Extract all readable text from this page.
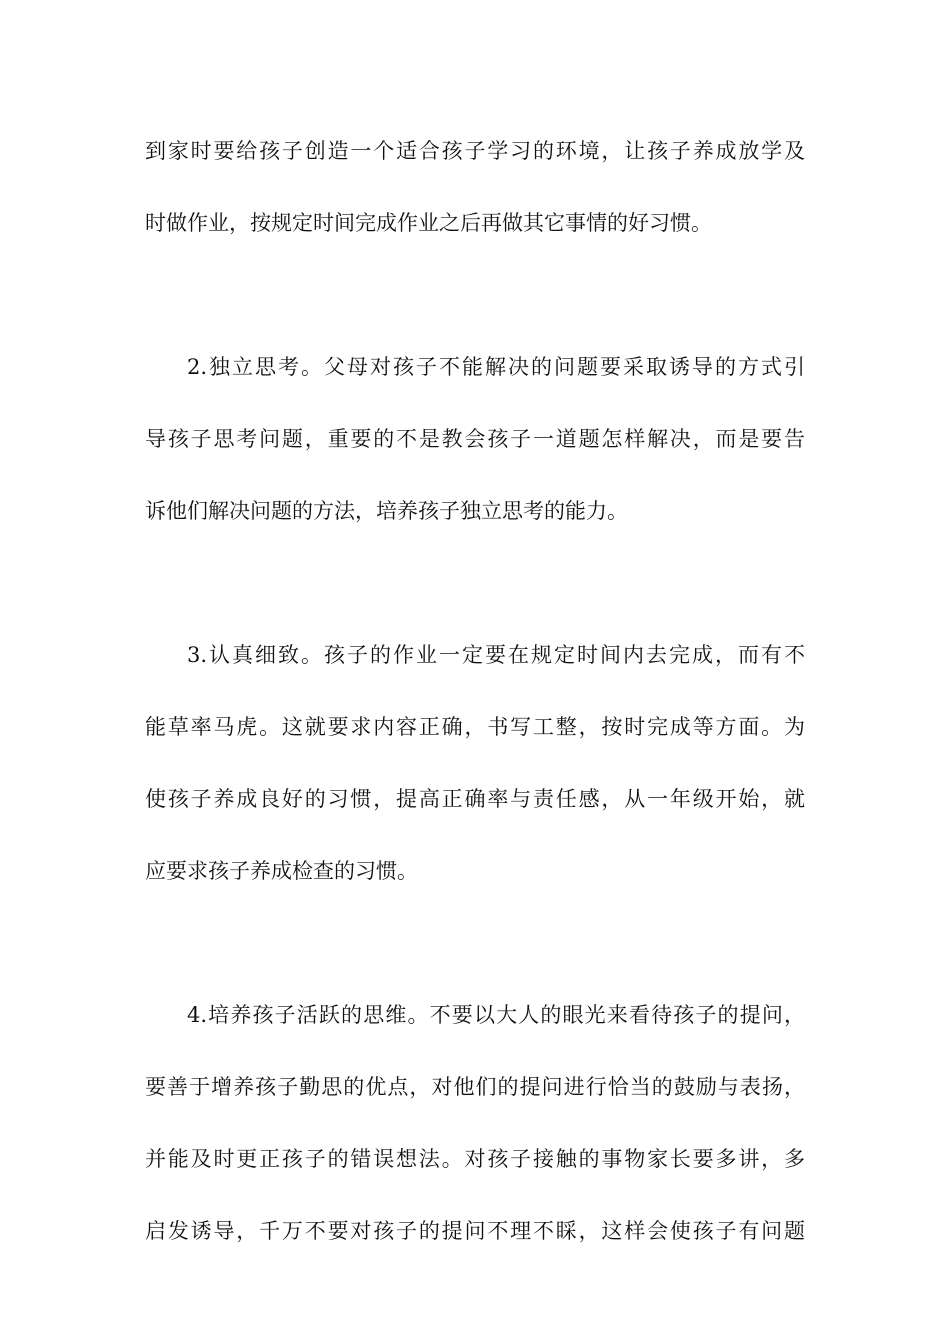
到家时要给孩子创造一个适合孩子学习的环境，让孩子养成放学及
时做作业，按规定时间完成作业之后再做其它事情的好习惯。
2.独立思考。父母对孩子不能解决的问题要采取诱导的方式引
导孩子思考问题，重要的不是教会孩子一道题怎样解决，而是要告
诉他们解决问题的方法，培养孩子独立思考的能力。
3.认真细致。孩子的作业一定要在规定时间内去完成，而有不
能草率马虎。这就要求内容正确，书写工整，按时完成等方面。为
使孩子养成良好的习惯，提高正确率与责任感，从一年级开始，就
应要求孩子养成检查的习惯。
4.培养孩子活跃的思维。不要以大人的眼光来看待孩子的提问，
要善于增养孩子勤思的优点，对他们的提问进行恰当的鼓励与表扬，
并能及时更正孩子的错误想法。对孩子接触的事物家长要多讲，多
启发诱导，千万不要对孩子的提问不理不睬，这样会使孩子有问题
